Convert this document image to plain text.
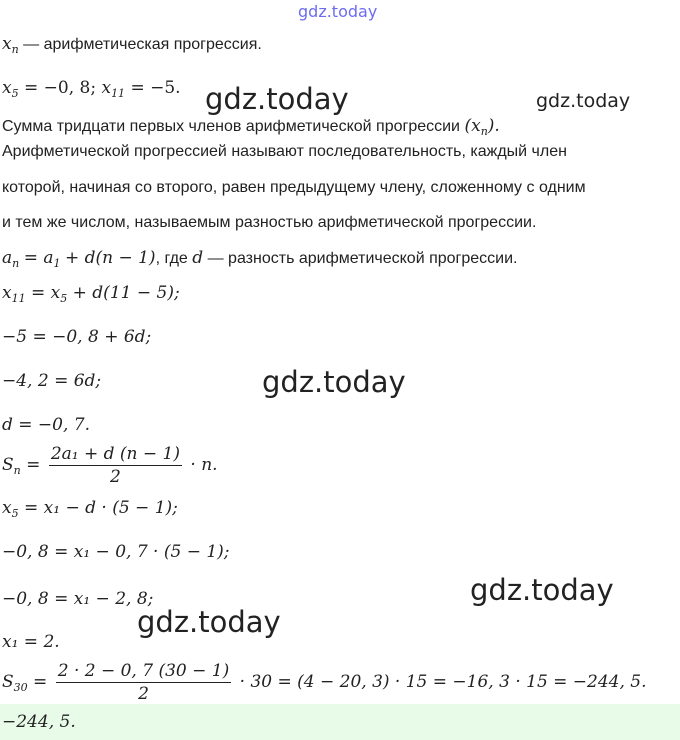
gdz.today
gdz.today	gdz.today
gdz.today
gdz.today
gdz.today
$x_n$ — арифметическая прогрессия.
$x_5 = -0$, 8; $x_{11} = -5$.
Сумма тридцати первых членов арифметической прогрессии $(x_n)$.
Арифметической прогрессией называют последовательность, каждый член
которой, начиная со второго, равен предыдущему члену, сложенному с одним
и тем же числом, называемым разностью арифметической прогрессии.
$a_n = a_1 + d(n - 1)$, где d — разность арифметической прогрессии.
$x_{11} = x_5 + d(11 - 5)$;
−5 = −0, 8 + 6d;
−4, 2 = 6d;
d = −0, 7.
$S_n = \frac{\text{2a₁ + d (n − 1)}}{2} \cdot n$.
$x_5 = x_1 - d \cdot (5 - 1)$;
−0, 8 = x₁ − 0, 7 · (5 − 1);
−0, 8 = x₁ − 2, 8;
x₁ = 2.
$S_{30} = \frac{2 \cdot 2 - 0, 7 (30 - 1)}{2} \cdot 30 = (4 - 20$, 3) · 15 = −16, 3 · 15 = −244, 5.
−244, 5.
